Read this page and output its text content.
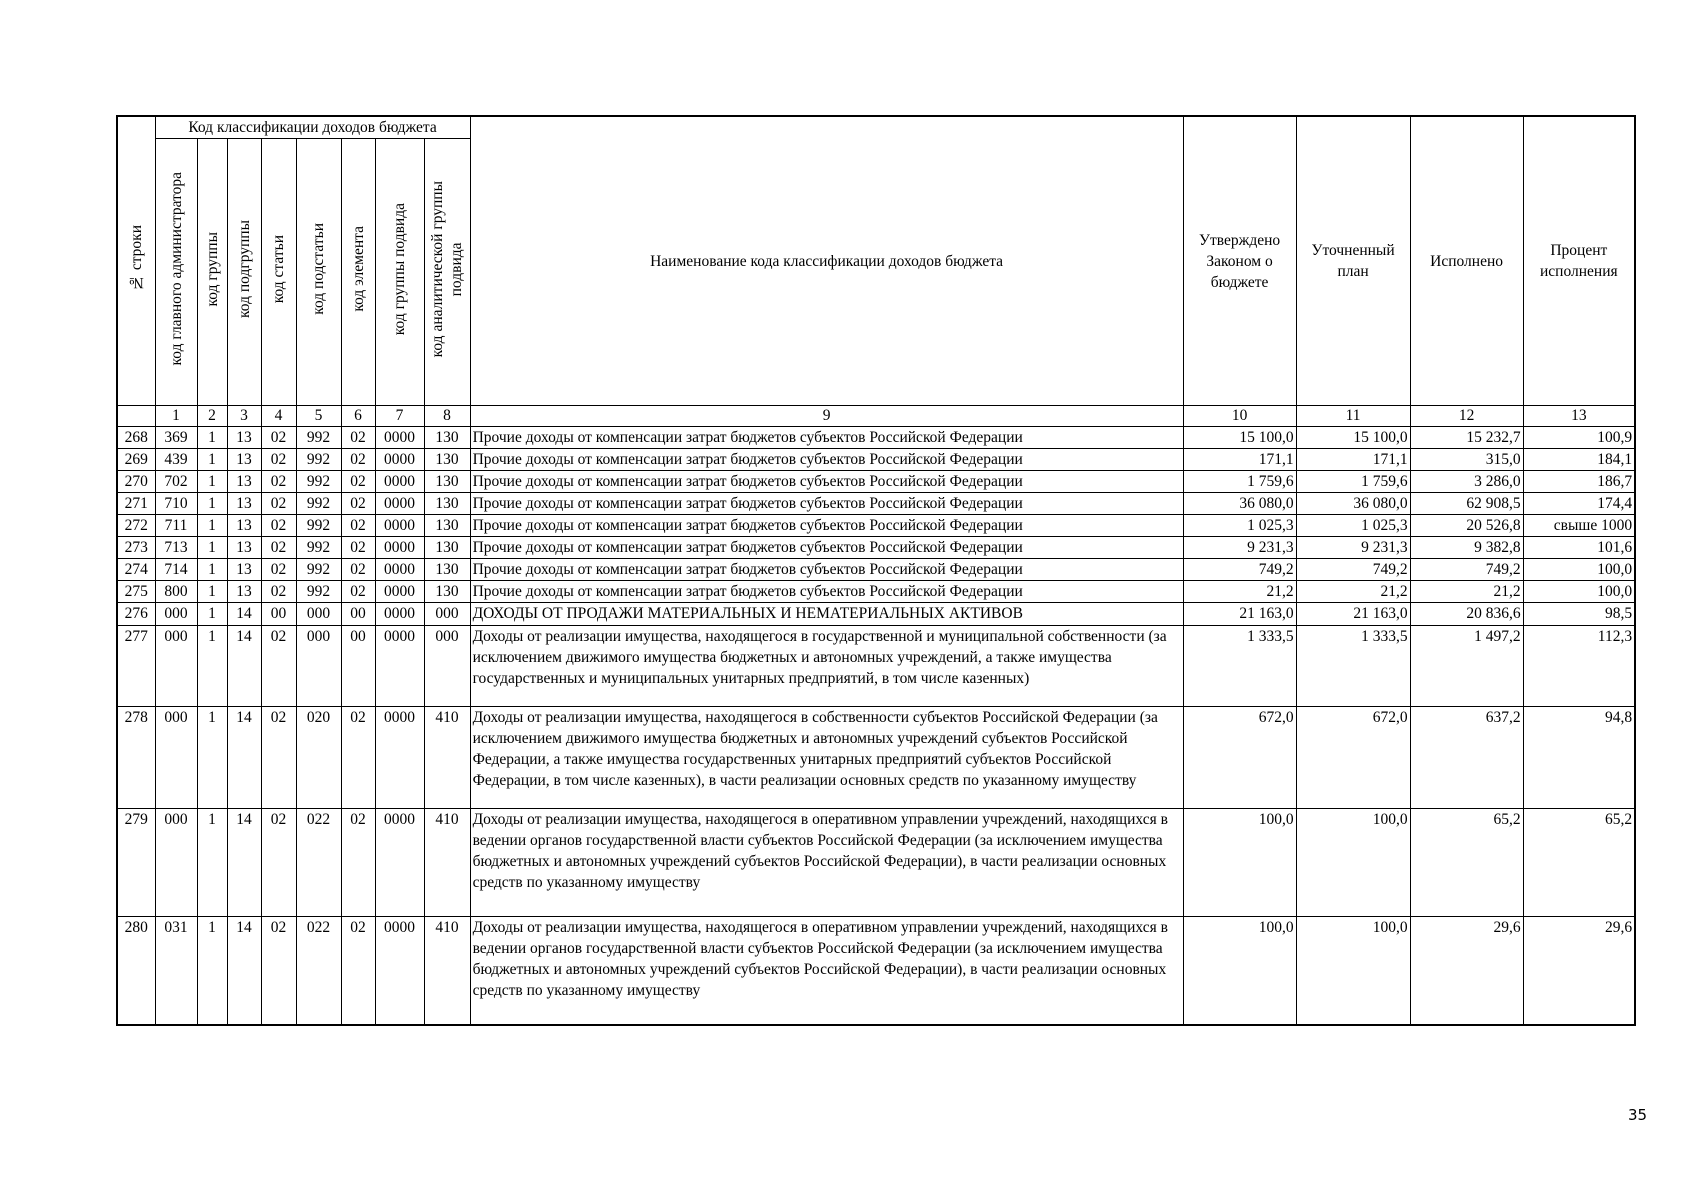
№ строки	Код классификации доходов бюджета								Наименование кода классификации доходов бюджета	Утверждено
Законом о
бюджете	Уточненный
план	Исполнено	Процент
исполнения
	код главного администратора	код группы	код подгруппы	код статьи	код подстатьи	код элемента	код группы подвида	код аналитической группы
подвида					
	1	2	3	4	5	6	7	8	9	10	11	12	13
268	369	1	13	02	992	02	0000	130	Прочие доходы от компенсации затрат бюджетов субъектов Российской Федерации	15 100,0	15 100,0	15 232,7	100,9
269	439	1	13	02	992	02	0000	130	Прочие доходы от компенсации затрат бюджетов субъектов Российской Федерации	171,1	171,1	315,0	184,1
270	702	1	13	02	992	02	0000	130	Прочие доходы от компенсации затрат бюджетов субъектов Российской Федерации	1 759,6	1 759,6	3 286,0	186,7
271	710	1	13	02	992	02	0000	130	Прочие доходы от компенсации затрат бюджетов субъектов Российской Федерации	36 080,0	36 080,0	62 908,5	174,4
272	711	1	13	02	992	02	0000	130	Прочие доходы от компенсации затрат бюджетов субъектов Российской Федерации	1 025,3	1 025,3	20 526,8	свыше 1000
273	713	1	13	02	992	02	0000	130	Прочие доходы от компенсации затрат бюджетов субъектов Российской Федерации	9 231,3	9 231,3	9 382,8	101,6
274	714	1	13	02	992	02	0000	130	Прочие доходы от компенсации затрат бюджетов субъектов Российской Федерации	749,2	749,2	749,2	100,0
275	800	1	13	02	992	02	0000	130	Прочие доходы от компенсации затрат бюджетов субъектов Российской Федерации	21,2	21,2	21,2	100,0
276	000	1	14	00	000	00	0000	000	ДОХОДЫ ОТ ПРОДАЖИ МАТЕРИАЛЬНЫХ И НЕМАТЕРИАЛЬНЫХ АКТИВОВ	21 163,0	21 163,0	20 836,6	98,5
277	000	1	14	02	000	00	0000	000	Доходы от реализации имущества, находящегося в государственной и муниципальной собственности (за исключением движимого имущества бюджетных и автономных учреждений, а также имущества государственных и муниципальных унитарных предприятий, в том числе казенных)	1 333,5	1 333,5	1 497,2	112,3
278	000	1	14	02	020	02	0000	410	Доходы от реализации имущества, находящегося в собственности субъектов Российской Федерации (за исключением движимого имущества бюджетных и автономных учреждений субъектов Российской Федерации, а также имущества государственных унитарных предприятий субъектов Российской Федерации, в том числе казенных), в части реализации основных средств по указанному имуществу	672,0	672,0	637,2	94,8
279	000	1	14	02	022	02	0000	410	Доходы от реализации имущества, находящегося в оперативном управлении учреждений, находящихся в ведении органов государственной власти субъектов Российской Федерации (за исключением имущества бюджетных и автономных учреждений субъектов Российской Федерации), в части реализации основных средств по указанному имуществу	100,0	100,0	65,2	65,2
280	031	1	14	02	022	02	0000	410	Доходы от реализации имущества, находящегося в оперативном управлении учреждений, находящихся в ведении органов государственной власти субъектов Российской Федерации (за исключением имущества бюджетных и автономных учреждений субъектов Российской Федерации), в части реализации основных средств по указанному имуществу	100,0	100,0	29,6	29,6
35
